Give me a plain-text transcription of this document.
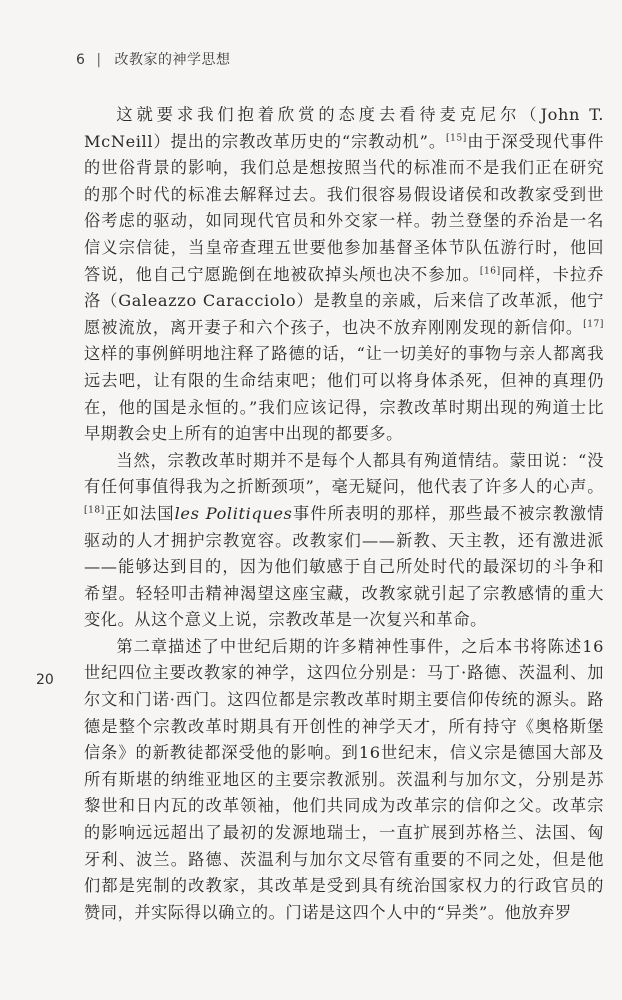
6 | 改教家的神学思想
20

这就要求我们抱着欣赏的态度去看待麦克尼尔（John T. McNeill）提出的宗教改革历史的“宗教动机”。[15]由于深受现代事件的世俗背景的影响，我们总是想按照当代的标准而不是我们正在研究的那个时代的标准去解释过去。我们很容易假设诸侯和改教家受到世俗考虑的驱动，如同现代官员和外交家一样。勃兰登堡的乔治是一名信义宗信徒，当皇帝查理五世要他参加基督圣体节队伍游行时，他回答说，他自己宁愿跪倒在地被砍掉头颅也决不参加。[16]同样，卡拉乔洛（Galeazzo Caracciolo）是教皇的亲戚，后来信了改革派，他宁愿被流放，离开妻子和六个孩子，也决不放弃刚刚发现的新信仰。[17]这样的事例鲜明地注释了路德的话，“让一切美好的事物与亲人都离我远去吧，让有限的生命结束吧；他们可以将身体杀死，但神的真理仍在，他的国是永恒的。”我们应该记得，宗教改革时期出现的殉道士比早期教会史上所有的迫害中出现的都要多。

当然，宗教改革时期并不是每个人都具有殉道情结。蒙田说：“没有任何事值得我为之折断颈项”，毫无疑问，他代表了许多人的心声。[18]正如法国les Politiques事件所表明的那样，那些最不被宗教激情驱动的人才拥护宗教宽容。改教家们——新教、天主教，还有激进派——能够达到目的，因为他们敏感于自己所处时代的最深切的斗争和希望。轻轻叩击精神渴望这座宝藏，改教家就引起了宗教感情的重大变化。从这个意义上说，宗教改革是一次复兴和革命。

第二章描述了中世纪后期的许多精神性事件，之后本书将陈述16世纪四位主要改教家的神学，这四位分别是：马丁·路德、茨温利、加尔文和门诺·西门。这四位都是宗教改革时期主要信仰传统的源头。路德是整个宗教改革时期具有开创性的神学天才，所有持守《奥格斯堡信条》的新教徒都深受他的影响。到16世纪末，信义宗是德国大部及所有斯堪的纳维亚地区的主要宗教派别。茨温利与加尔文，分别是苏黎世和日内瓦的改革领袖，他们共同成为改革宗的信仰之父。改革宗的影响远远超出了最初的发源地瑞士，一直扩展到苏格兰、法国、匈牙利、波兰。路德、茨温利与加尔文尽管有重要的不同之处，但是他们都是宪制的改教家，其改革是受到具有统治国家权力的行政官员的赞同，并实际得以确立的。门诺是这四个人中的“异类”。他放弃罗
